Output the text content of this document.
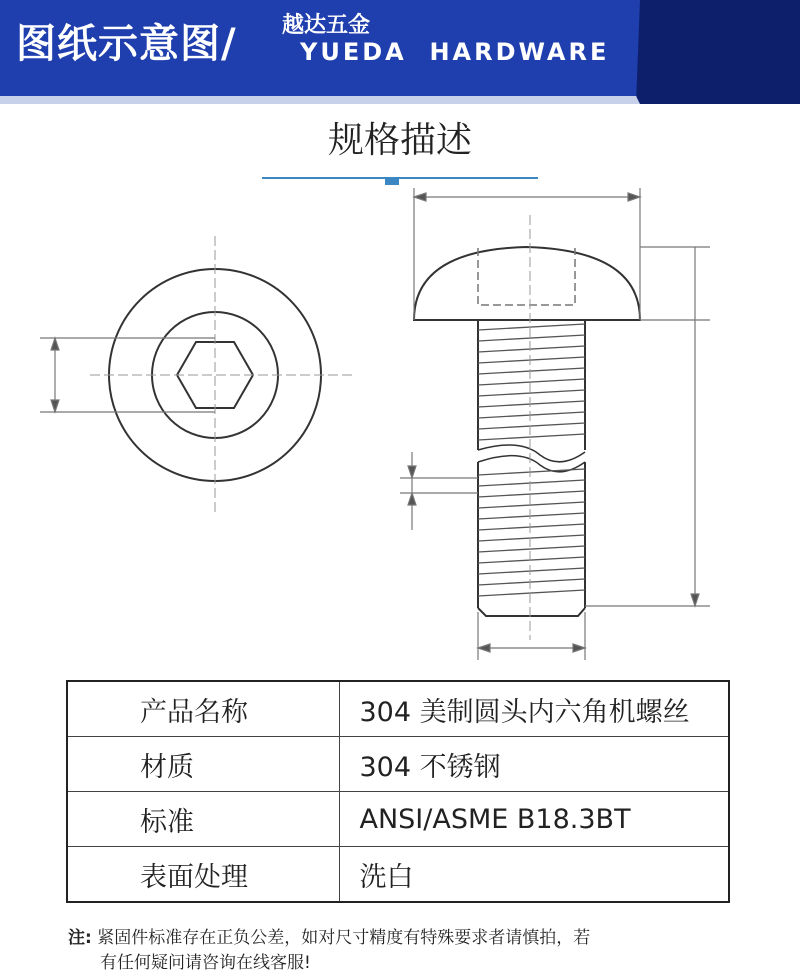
图纸示意图/ 越达五金
YUEDA  HARDWARE
规格描述
产品名称	304 美制圆头内六角机螺丝
材质	304 不锈钢
标准	ANSI/ASME B18.3BT
表面处理	洗白
注: 紧固件标准存在正负公差，如对尺寸精度有特殊要求者请慎拍，若
有任何疑问请咨询在线客服!
